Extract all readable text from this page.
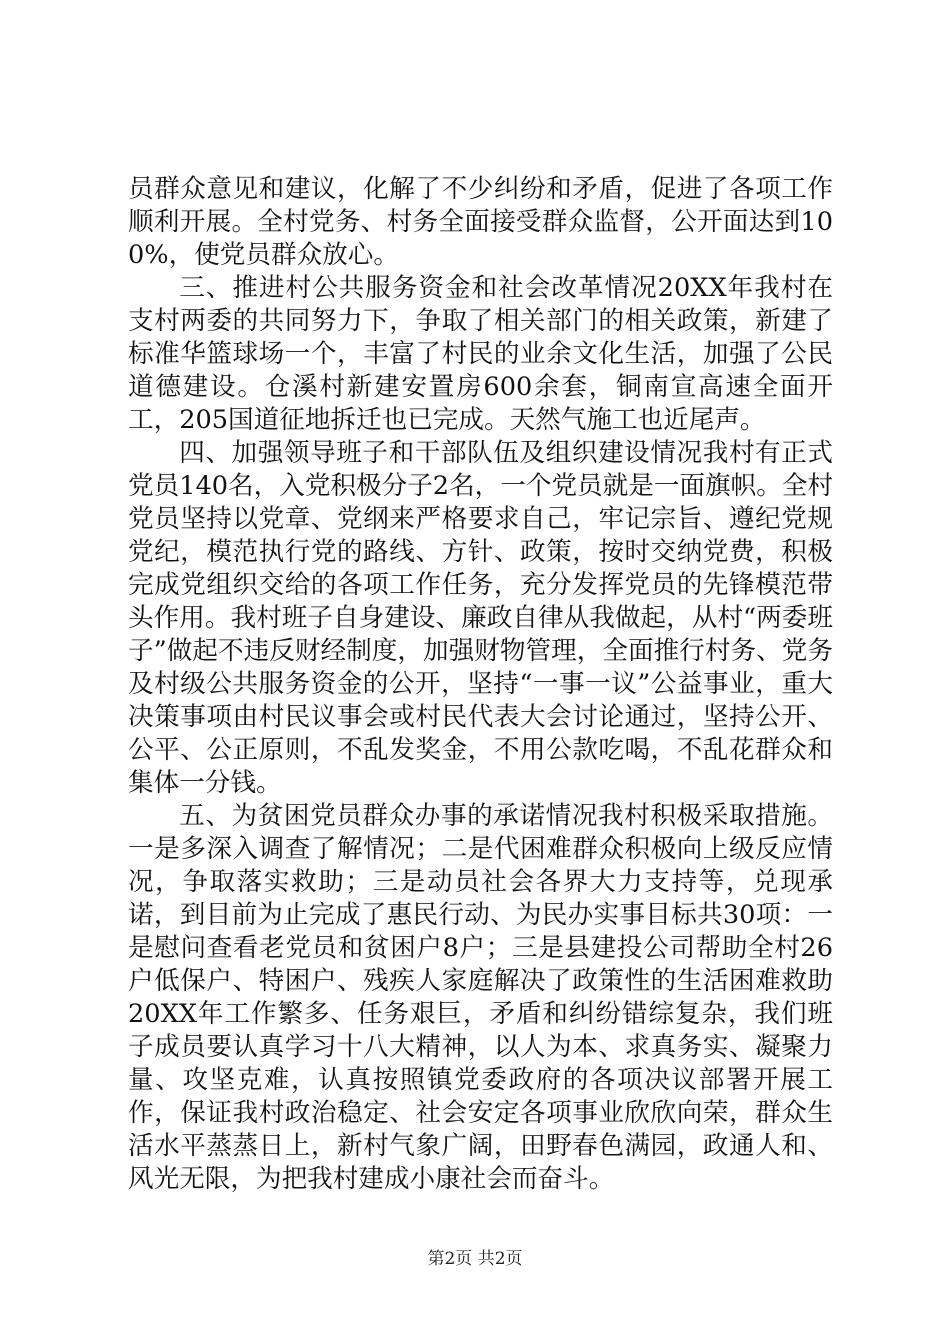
员群众意见和建议，化解了不少纠纷和矛盾，促进了各项工作顺利开展。全村党务、村务全面接受群众监督，公开面达到100%，使党员群众放心。

三、推进村公共服务资金和社会改革情况20XX年我村在支村两委的共同努力下，争取了相关部门的相关政策，新建了标准华篮球场一个，丰富了村民的业余文化生活，加强了公民道德建设。仓溪村新建安置房600余套，铜南宣高速全面开工，205国道征地拆迁也已完成。天然气施工也近尾声。

四、加强领导班子和干部队伍及组织建设情况我村有正式党员140名，入党积极分子2名，一个党员就是一面旗帜。全村党员坚持以党章、党纲来严格要求自己，牢记宗旨、遵纪党规党纪，模范执行党的路线、方针、政策，按时交纳党费，积极完成党组织交给的各项工作任务，充分发挥党员的先锋模范带头作用。我村班子自身建设、廉政自律从我做起，从村“两委班子”做起不违反财经制度，加强财物管理，全面推行村务、党务及村级公共服务资金的公开，坚持“一事一议”公益事业，重大决策事项由村民议事会或村民代表大会讨论通过，坚持公开、公平、公正原则，不乱发奖金，不用公款吃喝，不乱花群众和集体一分钱。

五、为贫困党员群众办事的承诺情况我村积极采取措施。一是多深入调查了解情况；二是代困难群众积极向上级反应情况，争取落实救助；三是动员社会各界大力支持等，兑现承诺，到目前为止完成了惠民行动、为民办实事目标共30项：一是慰问查看老党员和贫困户8户；三是县建投公司帮助全村26户低保户、特困户、残疾人家庭解决了政策性的生活困难救助20XX年工作繁多、任务艰巨，矛盾和纠纷错综复杂，我们班子成员要认真学习十八大精神，以人为本、求真务实、凝聚力量、攻坚克难，认真按照镇党委政府的各项决议部署开展工作，保证我村政治稳定、社会安定各项事业欣欣向荣，群众生活水平蒸蒸日上，新村气象广阔，田野春色满园，政通人和、风光无限，为把我村建成小康社会而奋斗。

第2页 共2页
